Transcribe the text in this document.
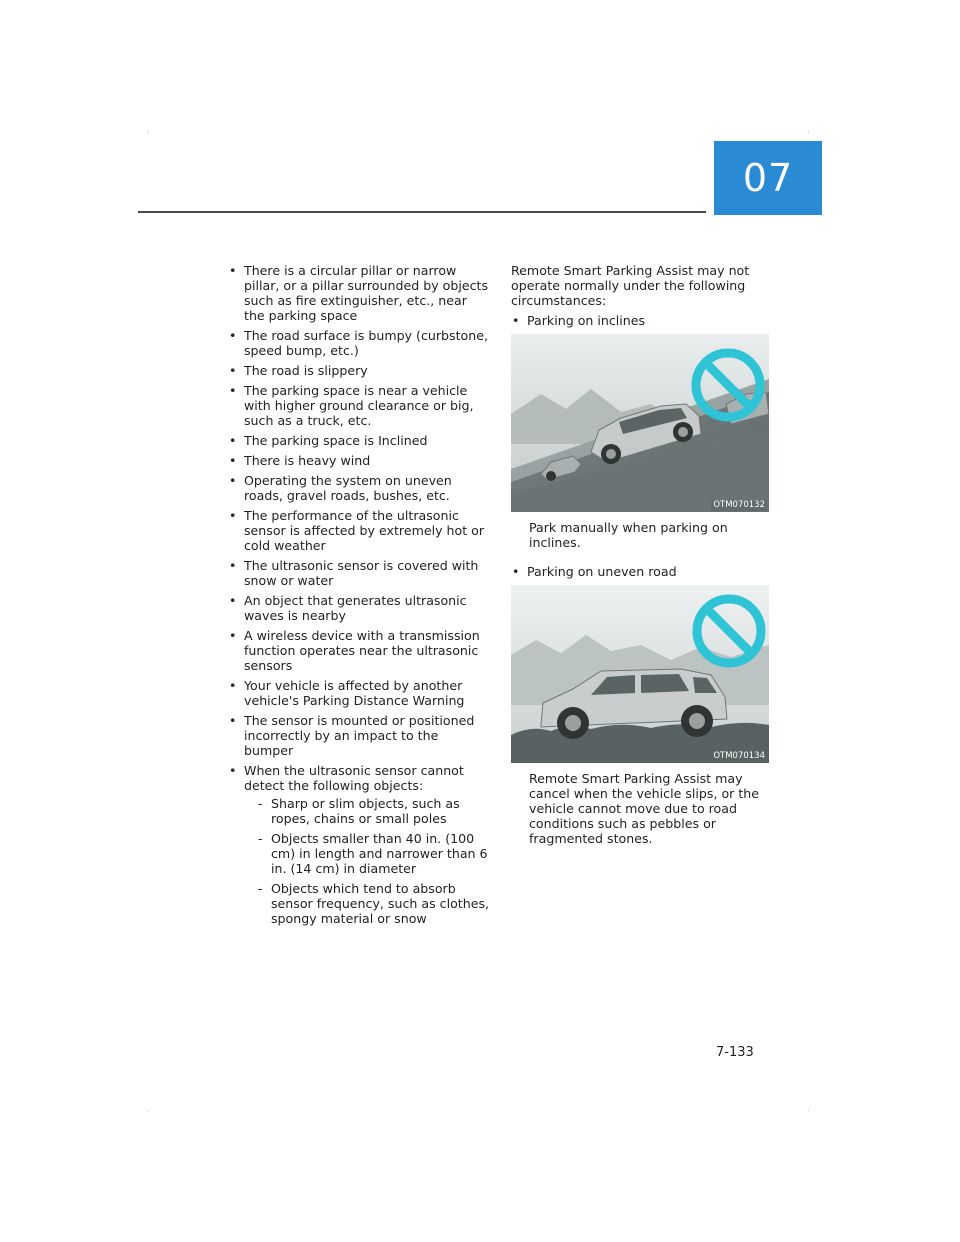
07
• There is a circular pillar or narrow pillar, or a pillar surrounded by objects such as fire extinguisher, etc., near the parking space
• The road surface is bumpy (curbstone, speed bump, etc.)
• The road is slippery
• The parking space is near a vehicle with higher ground clearance or big, such as a truck, etc.
• The parking space is Inclined
• There is heavy wind
• Operating the system on uneven roads, gravel roads, bushes, etc.
• The performance of the ultrasonic sensor is affected by extremely hot or cold weather
• The ultrasonic sensor is covered with snow or water
• An object that generates ultrasonic waves is nearby
• A wireless device with a transmission function operates near the ultrasonic sensors
• Your vehicle is affected by another vehicle's Parking Distance Warning
• The sensor is mounted or positioned incorrectly by an impact to the bumper
• When the ultrasonic sensor cannot detect the following objects:
- Sharp or slim objects, such as ropes, chains or small poles
- Objects smaller than 40 in. (100 cm) in length and narrower than 6 in. (14 cm) in diameter
- Objects which tend to absorb sensor frequency, such as clothes, spongy material or snow

Remote Smart Parking Assist may not operate normally under the following circumstances:

• Parking on inclines
OTM070132

Park manually when parking on inclines.

• Parking on uneven road
OTM070134

Remote Smart Parking Assist may cancel when the vehicle slips, or the vehicle cannot move due to road conditions such as pebbles or fragmented stones.

7-133
